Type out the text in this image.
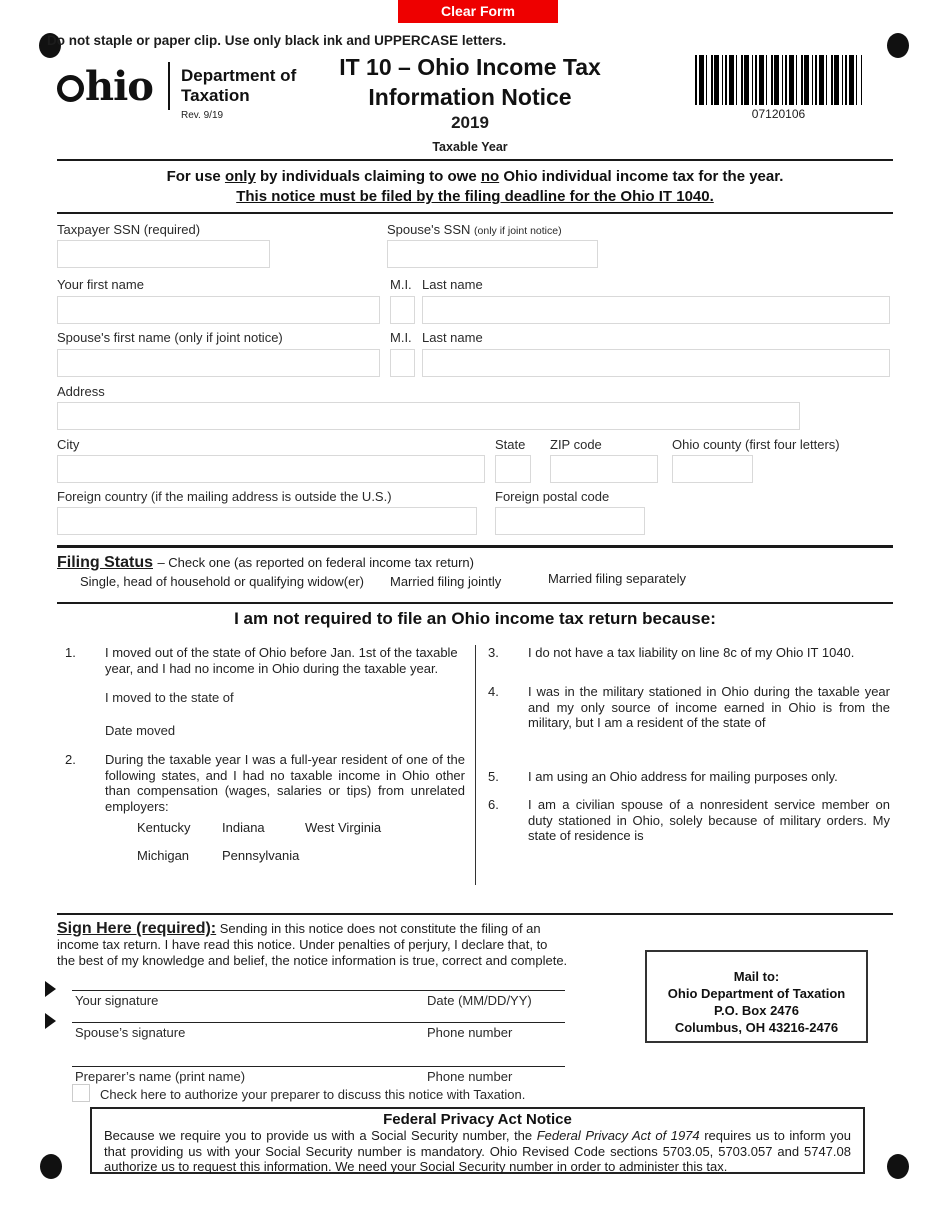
Clear Form
Do not staple or paper clip. Use only black ink and UPPERCASE letters.
hio Department of
Taxation
Rev. 9/19
IT 10 – Ohio Income Tax
Information Notice
2019
Taxable Year
07120106
For use only by individuals claiming to owe no Ohio individual income tax for the year.
This notice must be filed by the filing deadline for the Ohio IT 1040.
Taxpayer SSN (required)	Spouse's SSN (only if joint notice)
Your first name	M.I. Last name
Spouse's first name (only if joint notice)	M.I. Last name
Address
City	State ZIP code	Ohio county (first four letters)
Foreign country (if the mailing address is outside the U.S.)	Foreign postal code
Filing Status – Check one (as reported on federal income tax return)
Single, head of household or qualifying widow(er) Married filing jointly	Married filing separately
I am not required to file an Ohio income tax return because:
1.	I moved out of the state of Ohio before Jan. 1st of the taxable year, and I had no income in Ohio during the taxable year.
I moved to the state of
Date moved
2.	During the taxable year I was a full-year resident of one of the following states, and I had no taxable income in Ohio other than compensation (wages, salaries or tips) from unrelated employers:
Kentucky Indiana	West Virginia
Michigan	Pennsylvania
3.	I do not have a tax liability on line 8c of my Ohio IT 1040.
4.	I was in the military stationed in Ohio during the taxable year and my only source of income earned in Ohio is from the military, but I am a resident of the state of
5.	I am using an Ohio address for mailing purposes only.
6.	I am a civilian spouse of a nonresident service member on duty stationed in Ohio, solely because of military orders. My state of residence is
Sign Here (required): Sending in this notice does not constitute the filing of an income tax return. I have read this notice. Under penalties of perjury, I declare that, to the best of my knowledge and belief, the notice information is true, correct and complete.
Mail to:
Ohio Department of Taxation
P.O. Box 2476
Columbus, OH 43216-2476
Your signature	Date (MM/DD/YY)
Spouse’s signature	Phone number
Preparer’s name (print name)	Phone number
Check here to authorize your preparer to discuss this notice with Taxation.
Federal Privacy Act Notice
Because we require you to provide us with a Social Security number, the Federal Privacy Act of 1974 requires us to inform you that providing us with your Social Security number is mandatory. Ohio Revised Code sections 5703.05, 5703.057 and 5747.08 authorize us to request this information. We need your Social Security number in order to administer this tax.
